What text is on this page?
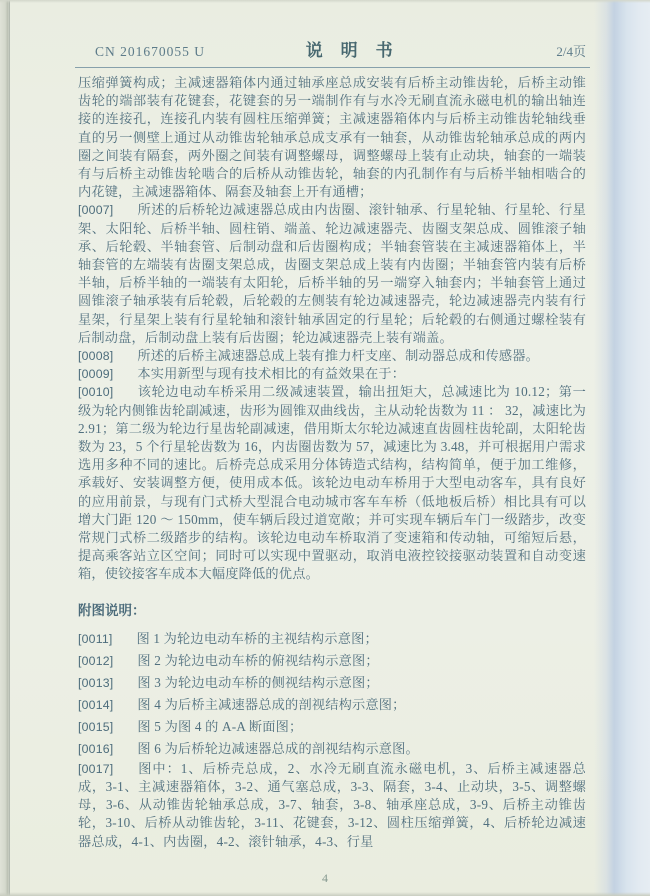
CN 201670055 U	说明书	2/4页

压缩弹簧构成；主减速器箱体内通过轴承座总成安装有后桥主动锥齿轮，后桥主动锥齿轮的端部装有花键套，花键套的另一端制作有与水冷无刷直流永磁电机的输出轴连接的连接孔，连接孔内装有圆柱压缩弹簧；主减速器箱体内与后桥主动锥齿轮轴线垂直的另一侧壁上通过从动锥齿轮轴承总成支承有一轴套，从动锥齿轮轴承总成的两内圈之间装有隔套，两外圈之间装有调整螺母，调整螺母上装有止动块，轴套的一端装有与后桥主动锥齿轮啮合的后桥从动锥齿轮，轴套的内孔制作有与后桥半轴相啮合的内花键，主减速器箱体、隔套及轴套上开有通槽；

[0007] 所述的后桥轮边减速器总成由内齿圈、滚针轴承、行星轮轴、行星轮、行星架、太阳轮、后桥半轴、圆柱销、端盖、轮边减速器壳、齿圈支架总成、圆锥滚子轴承、后轮毂、半轴套管、后制动盘和后齿圈构成；半轴套管装在主减速器箱体上，半轴套管的左端装有齿圈支架总成，齿圈支架总成上装有内齿圈；半轴套管内装有后桥半轴，后桥半轴的一端装有太阳轮，后桥半轴的另一端穿入轴套内；半轴套管上通过圆锥滚子轴承装有后轮毂，后轮毂的左侧装有轮边减速器壳，轮边减速器壳内装有行星架，行星架上装有行星轮轴和滚针轴承固定的行星轮；后轮毂的右侧通过螺栓装有后制动盘，后制动盘上装有后齿圈；轮边减速器壳上装有端盖。

[0008] 所述的后桥主减速器总成上装有推力杆支座、制动器总成和传感器。

[0009] 本实用新型与现有技术相比的有益效果在于：

[0010] 该轮边电动车桥采用二级减速装置，输出扭矩大，总减速比为 10.12；第一级为轮内侧锥齿轮副减速，齿形为圆锥双曲线齿，主从动轮齿数为 11 ： 32，减速比为 2.91；第二级为轮边行星齿轮副减速，借用斯太尔轮边减速直齿圆柱齿轮副，太阳轮齿数为 23，5 个行星轮齿数为 16，内齿圈齿数为 57，减速比为 3.48，并可根据用户需求选用多种不同的速比。后桥壳总成采用分体铸造式结构，结构简单，便于加工维修，承载好、安装调整方便，使用成本低。该轮边电动车桥用于大型电动客车，具有良好的应用前景，与现有门式桥大型混合电动城市客车车桥（低地板后桥）相比具有可以增大门距 120 ～ 150mm，使车辆后段过道宽敞；并可实现车辆后车门一级踏步，改变常规门式桥二级踏步的结构。该轮边电动车桥取消了变速箱和传动轴，可缩短后悬，提高乘客站立区空间；同时可以实现中置驱动，取消电液控铰接驱动装置和自动变速箱，使铰接客车成本大幅度降低的优点。

附图说明：

[0011] 图 1 为轮边电动车桥的主视结构示意图；

[0012] 图 2 为轮边电动车桥的俯视结构示意图；

[0013] 图 3 为轮边电动车桥的侧视结构示意图；

[0014] 图 4 为后桥主减速器总成的剖视结构示意图；

[0015] 图 5 为图 4 的 A-A 断面图；

[0016] 图 6 为后桥轮边减速器总成的剖视结构示意图。

[0017] 图中：1、后桥壳总成，2、水冷无刷直流永磁电机，3、后桥主减速器总成，3-1、主减速器箱体，3-2、通气塞总成，3-3、隔套，3-4、止动块，3-5、调整螺母，3-6、从动锥齿轮轴承总成，3-7、轴套，3-8、轴承座总成，3-9、后桥主动锥齿轮，3-10、后桥从动锥齿轮，3-11、花键套，3-12、圆柱压缩弹簧，4、后桥轮边减速器总成，4-1、内齿圈，4-2、滚针轴承，4-3、行星

4
